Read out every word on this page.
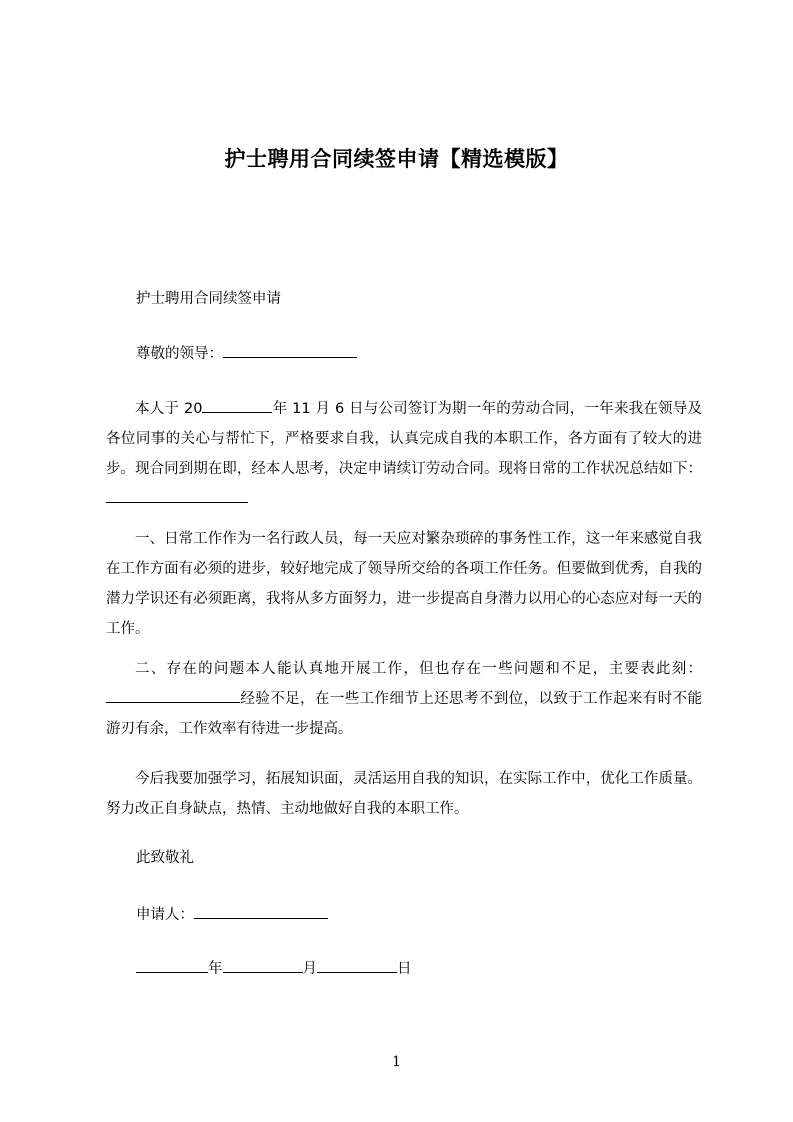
护士聘用合同续签申请【精选模版】
护士聘用合同续签申请
尊敬的领导：
本人于 20	年 11 月 6 日与公司签订为期一年的劳动合同，一年来我在领导及各位同事的关心与帮忙下，严格要求自我，认真完成自我的本职工作，各方面有了较大的进步。现合同到期在即，经本人思考，决定申请续订劳动合同。现将日常的工作状况总结如下：
一、日常工作作为一名行政人员，每一天应对繁杂琐碎的事务性工作，这一年来感觉自我在工作方面有必须的进步，较好地完成了领导所交给的各项工作任务。但要做到优秀，自我的潜力学识还有必须距离，我将从多方面努力，进一步提高自身潜力以用心的心态应对每一天的工作。
二、存在的问题本人能认真地开展工作，但也存在一些问题和不足，主要表此刻：经验不足，在一些工作细节上还思考不到位，以致于工作起来有时不能游刃有余，工作效率有待进一步提高。
今后我要加强学习，拓展知识面，灵活运用自我的知识，在实际工作中，优化工作质量。努力改正自身缺点，热情、主动地做好自我的本职工作。
此致敬礼
申请人：
年	月	日
1
